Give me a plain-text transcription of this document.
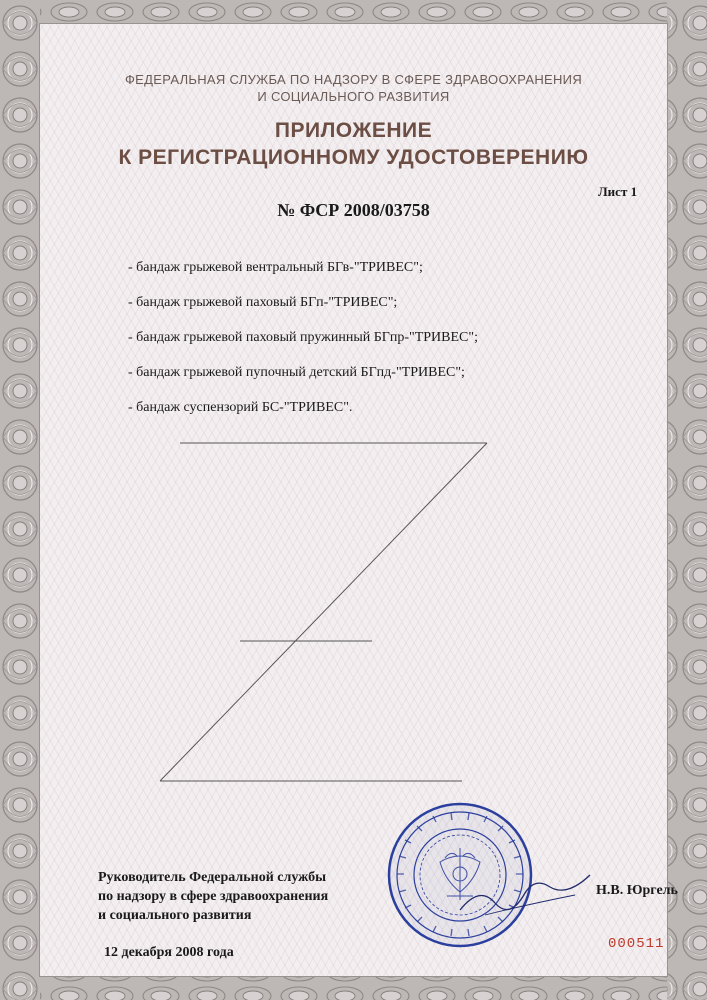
ФЕДЕРАЛЬНАЯ СЛУЖБА ПО НАДЗОРУ В СФЕРЕ ЗДРАВООХРАНЕНИЯ
И СОЦИАЛЬНОГО РАЗВИТИЯ
ПРИЛОЖЕНИЕ
К РЕГИСТРАЦИОННОМУ УДОСТОВЕРЕНИЮ
Лист 1
№ ФСР 2008/03758
- бандаж грыжевой вентральный БГв-"ТРИВЕС";
- бандаж грыжевой паховый БГп-"ТРИВЕС";
- бандаж грыжевой паховый пружинный БГпр-"ТРИВЕС";
- бандаж грыжевой пупочный детский БГпд-"ТРИВЕС";
- бандаж суспензорий БС-"ТРИВЕС".
Руководитель Федеральной службы
по надзору в сфере здравоохранения
и социального развития
Н.В. Юргель
12 декабря 2008 года
000511
